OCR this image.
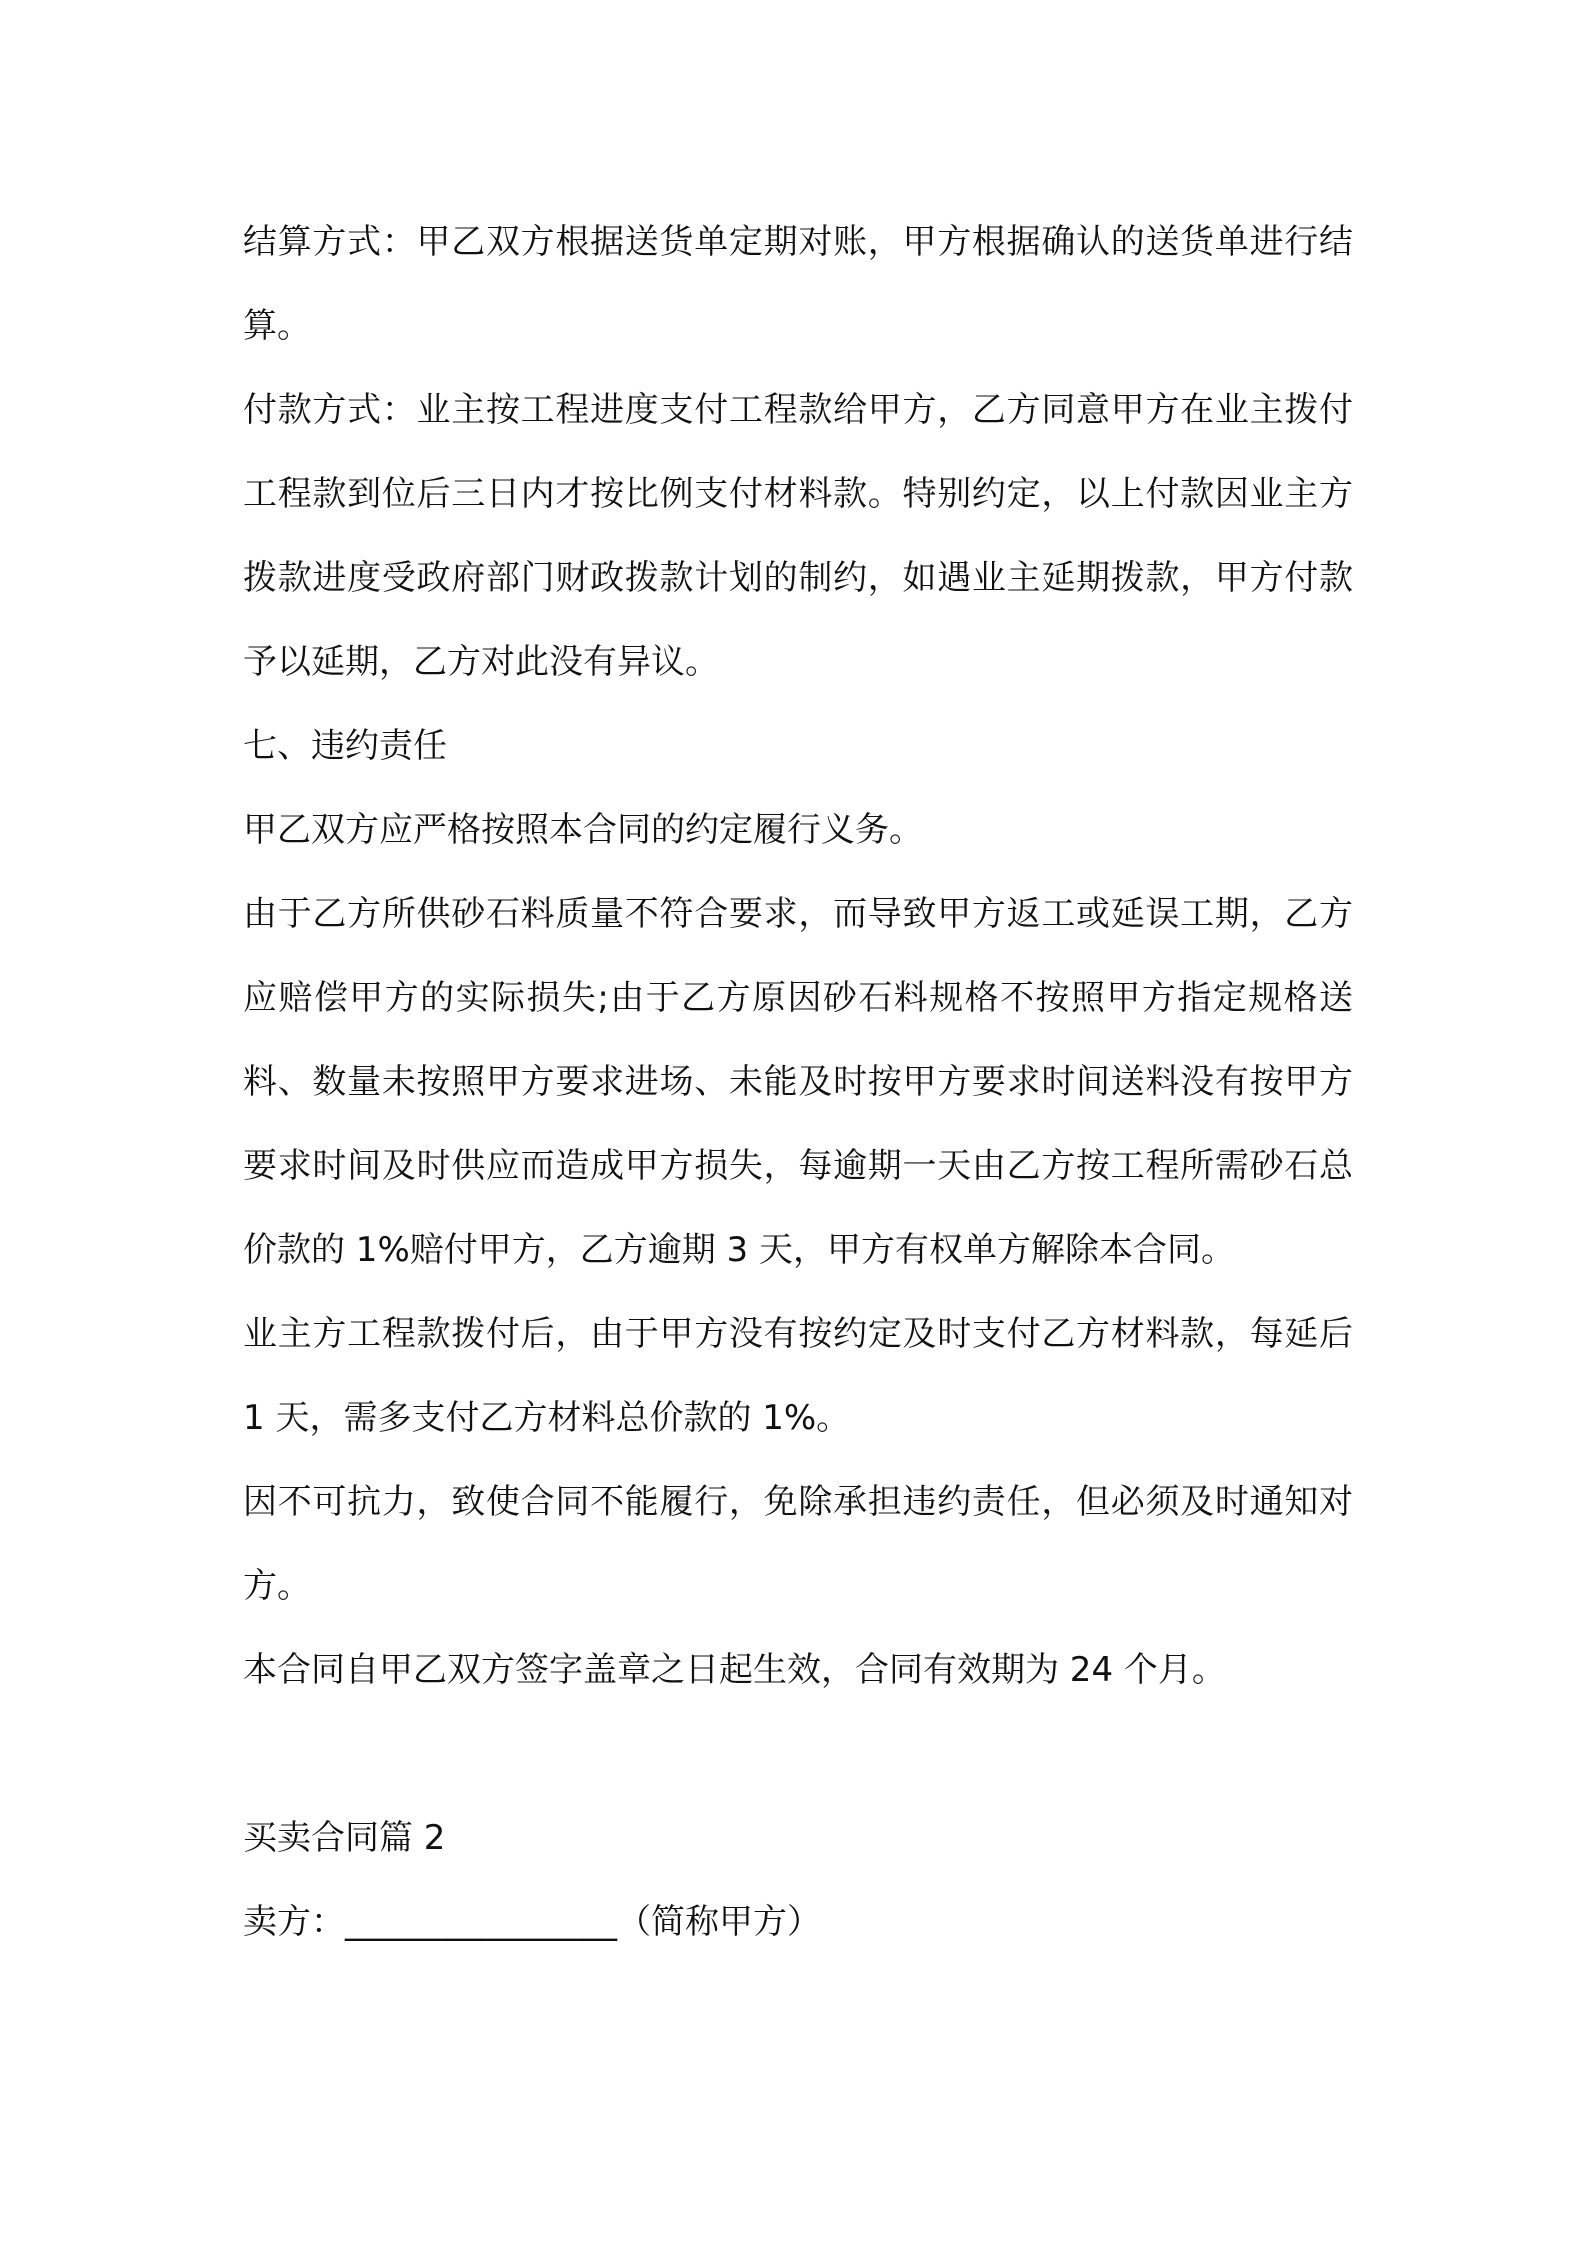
结算方式：甲乙双方根据送货单定期对账，甲方根据确认的送货单进行结算。

付款方式：业主按工程进度支付工程款给甲方，乙方同意甲方在业主拨付工程款到位后三日内才按比例支付材料款。特别约定，以上付款因业主方拨款进度受政府部门财政拨款计划的制约，如遇业主延期拨款，甲方付款予以延期，乙方对此没有异议。

七、违约责任

甲乙双方应严格按照本合同的约定履行义务。

由于乙方所供砂石料质量不符合要求，而导致甲方返工或延误工期，乙方应赔偿甲方的实际损失;由于乙方原因砂石料规格不按照甲方指定规格送料、数量未按照甲方要求进场、未能及时按甲方要求时间送料没有按甲方要求时间及时供应而造成甲方损失，每逾期一天由乙方按工程所需砂石总价款的 1%赔付甲方，乙方逾期 3 天，甲方有权单方解除本合同。

业主方工程款拨付后，由于甲方没有按约定及时支付乙方材料款，每延后 1 天，需多支付乙方材料总价款的 1%。

因不可抗力，致使合同不能履行，免除承担违约责任，但必须及时通知对方。

本合同自甲乙双方签字盖章之日起生效，合同有效期为 24 个月。

买卖合同篇 2

卖方：________________（简称甲方）
